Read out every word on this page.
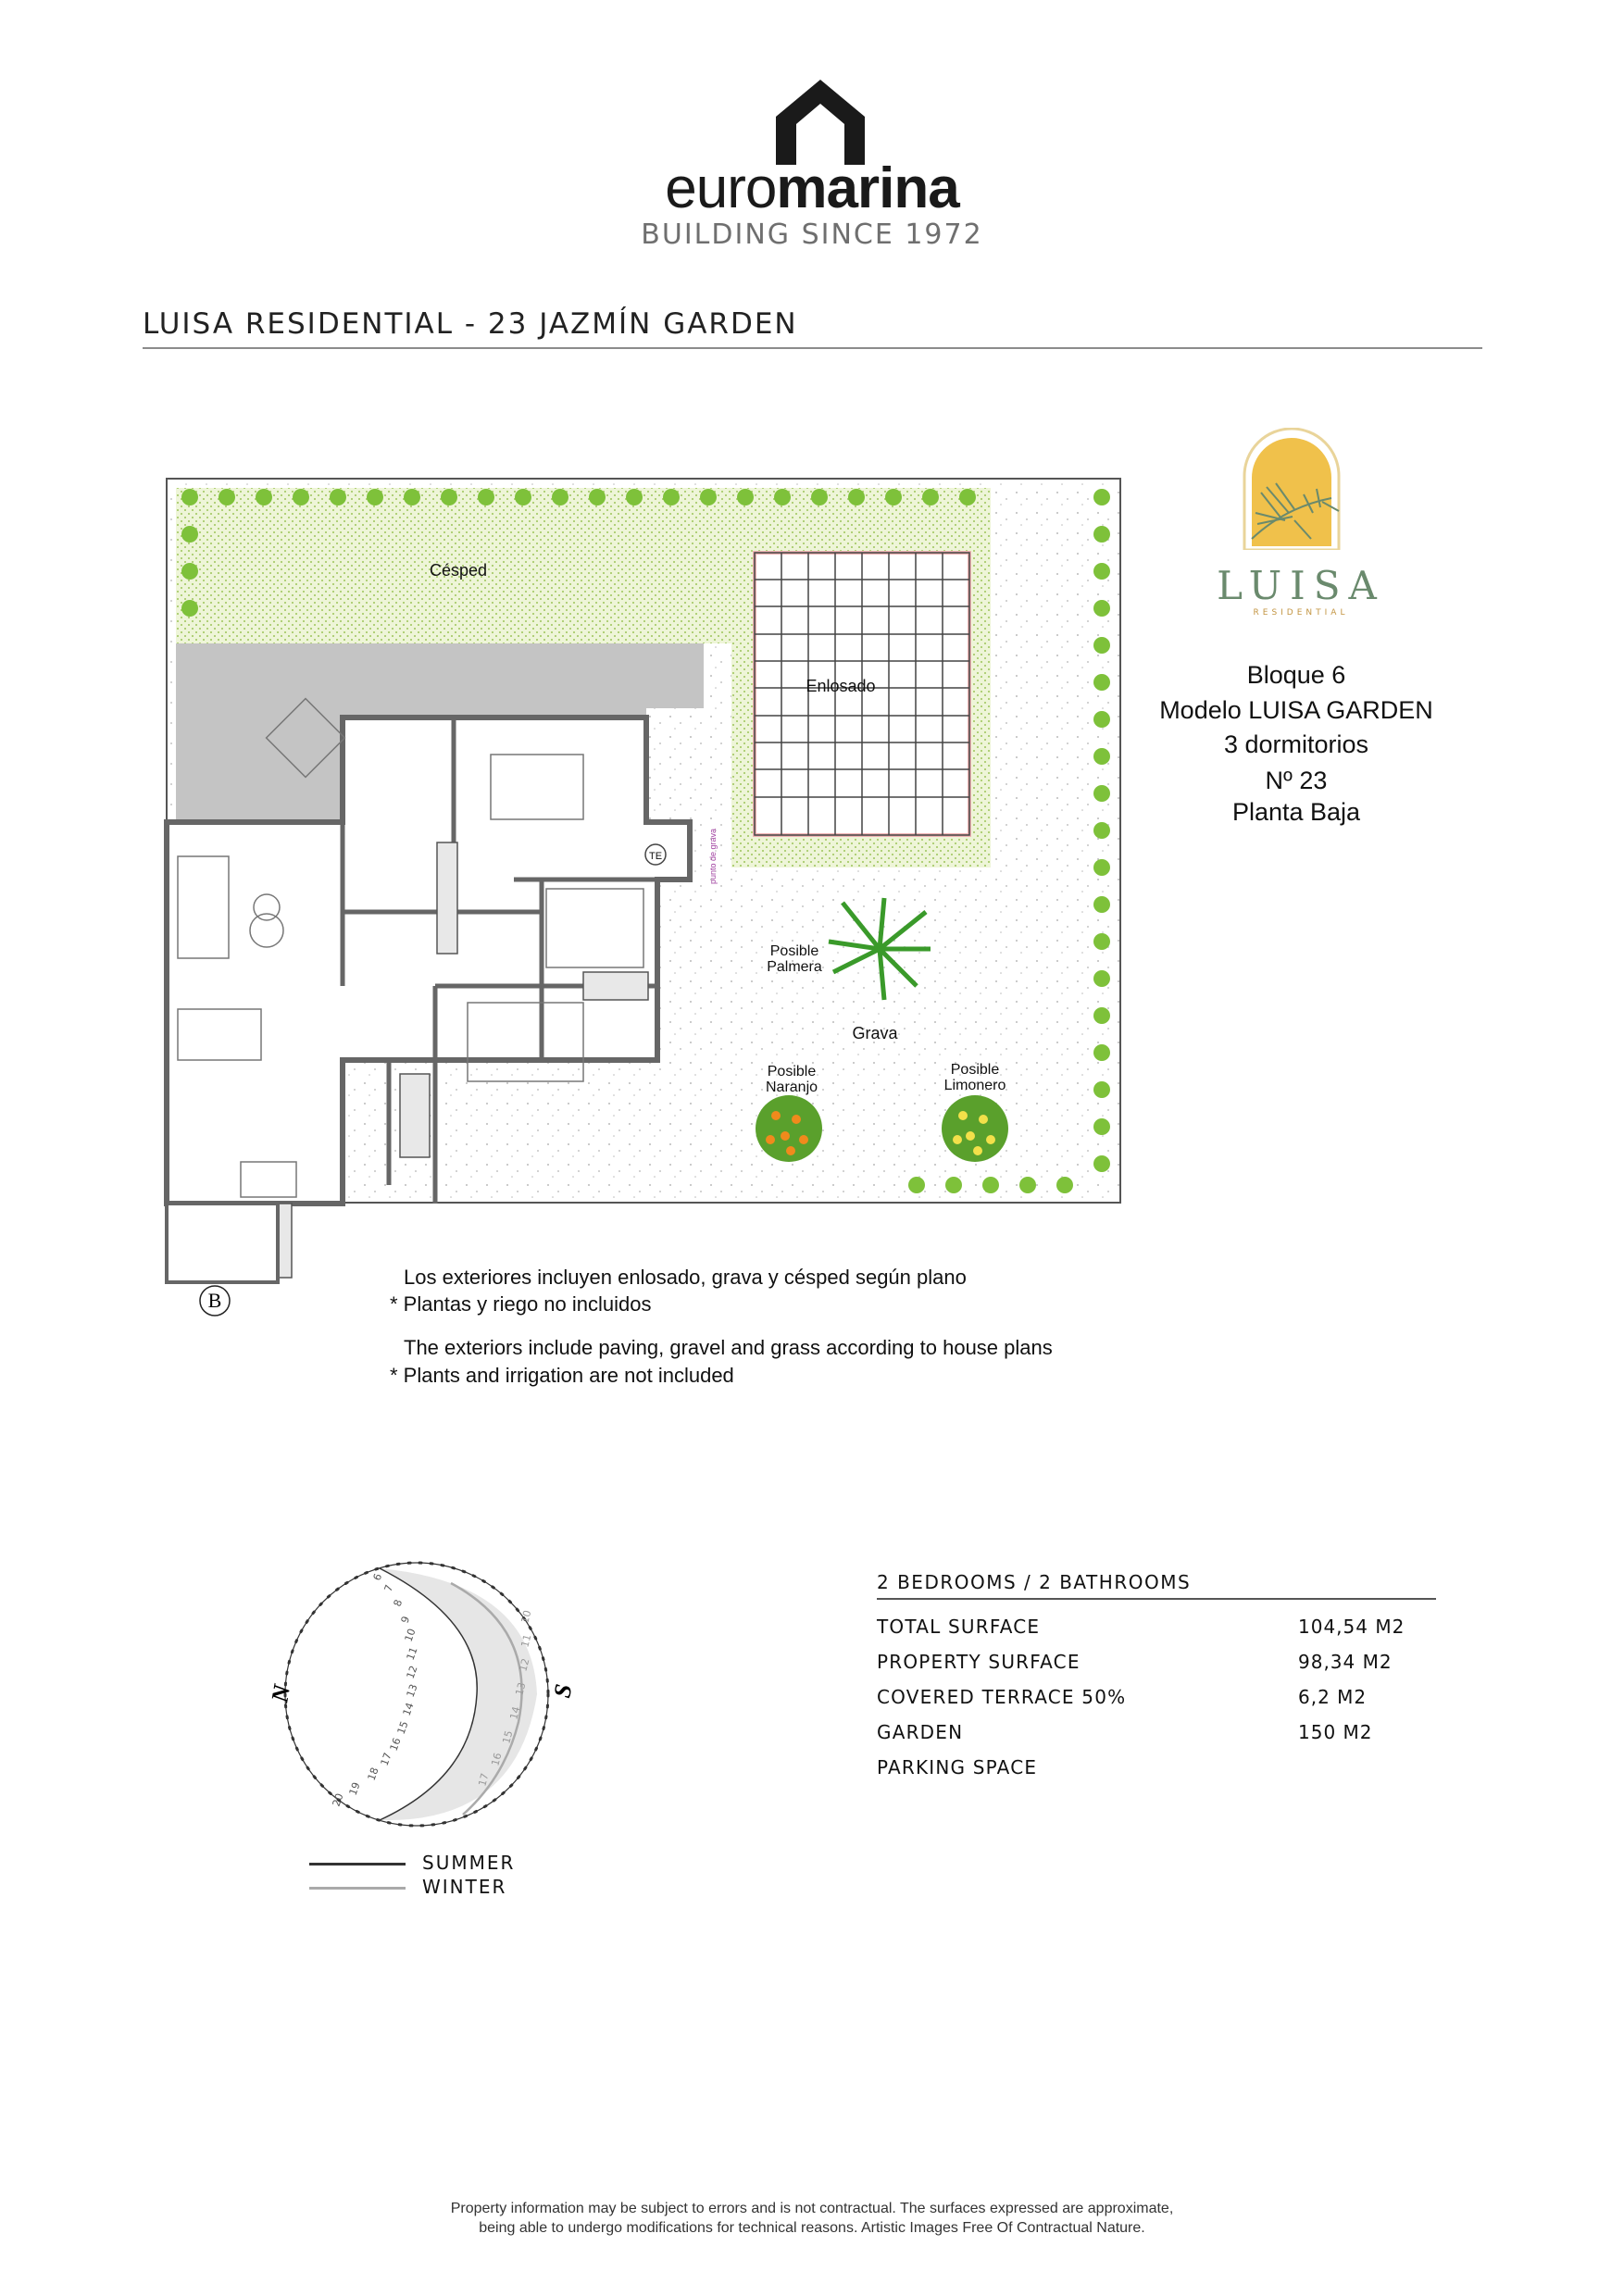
euromarina
BUILDING SINCE 1972
LUISA RESIDENTIAL - 23 JAZMÍN GARDEN
LUISA
RESIDENTIAL
Bloque 6
Modelo LUISA GARDEN
3 dormitorios
Nº 23
Planta Baja
TE
Césped
Enlosado
Grava
Posible
Palmera
Posible
Naranjo
Posible
Limonero
punto de grava
B
Los exteriores incluyen enlosado, grava y césped según plano
* Plantas y riego no incluidos
The exteriors include paving, gravel and grass according to house plans
* Plants and irrigation are not included
N	S
6
7
8
9
10
11
12
13
14
15
16
17
18
19
20
10
11
12
13
14
15
16
17
SUMMER
WINTER
2 BEDROOMS / 2 BATHROOMS
TOTAL SURFACE	104,54 M2
PROPERTY SURFACE	98,34 M2
COVERED TERRACE 50%	6,2 M2
GARDEN	150 M2
PARKING SPACE
Property information may be subject to errors and is not contractual. The surfaces expressed are approximate,
being able to undergo modifications for technical reasons. Artistic Images Free Of Contractual Nature.
